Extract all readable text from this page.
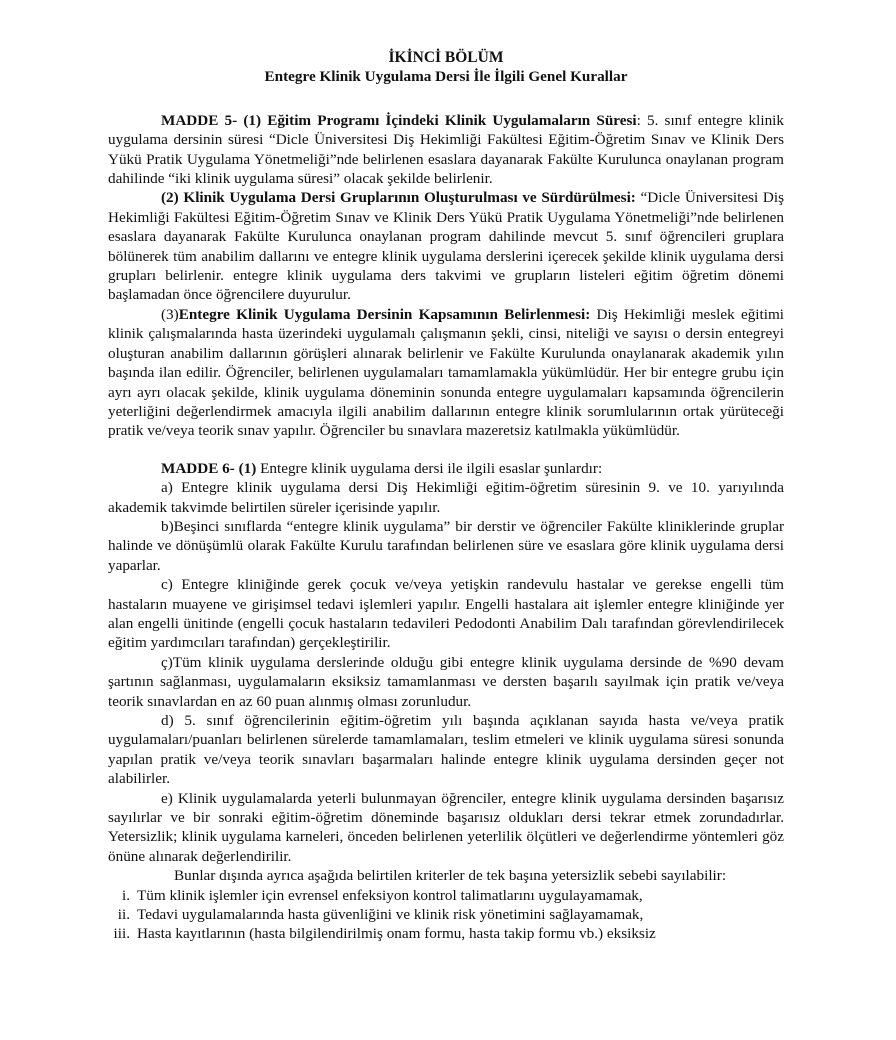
İKİNCİ BÖLÜM
Entegre Klinik Uygulama Dersi İle İlgili Genel Kurallar

MADDE 5- (1) Eğitim Programı İçindeki Klinik Uygulamaların Süresi: 5. sınıf entegre klinik uygulama dersinin süresi “Dicle Üniversitesi Diş Hekimliği Fakültesi Eğitim-Öğretim Sınav ve Klinik Ders Yükü Pratik Uygulama Yönetmeliği”nde belirlenen esaslara dayanarak Fakülte Kurulunca onaylanan program dahilinde “iki klinik uygulama süresi” olacak şekilde belirlenir.

(2) Klinik Uygulama Dersi Gruplarının Oluşturulması ve Sürdürülmesi: “Dicle Üniversitesi Diş Hekimliği Fakültesi Eğitim-Öğretim Sınav ve Klinik Ders Yükü Pratik Uygulama Yönetmeliği”nde belirlenen esaslara dayanarak Fakülte Kurulunca onaylanan program dahilinde mevcut 5. sınıf öğrencileri gruplara bölünerek tüm anabilim dallarını ve entegre klinik uygulama derslerini içerecek şekilde klinik uygulama dersi grupları belirlenir. entegre klinik uygulama ders takvimi ve grupların listeleri eğitim öğretim dönemi başlamadan önce öğrencilere duyurulur.

(3)Entegre Klinik Uygulama Dersinin Kapsamının Belirlenmesi: Diş Hekimliği meslek eğitimi klinik çalışmalarında hasta üzerindeki uygulamalı çalışmanın şekli, cinsi, niteliği ve sayısı o dersin entegreyi oluşturan anabilim dallarının görüşleri alınarak belirlenir ve Fakülte Kurulunda onaylanarak akademik yılın başında ilan edilir. Öğrenciler, belirlenen uygulamaları tamamlamakla yükümlüdür. Her bir entegre grubu için ayrı ayrı olacak şekilde, klinik uygulama döneminin sonunda entegre uygulamaları kapsamında öğrencilerin yeterliğini değerlendirmek amacıyla ilgili anabilim dallarının entegre klinik sorumlularının ortak yürüteceği pratik ve/veya teorik sınav yapılır. Öğrenciler bu sınavlara mazeretsiz katılmakla yükümlüdür.

MADDE 6- (1) Entegre klinik uygulama dersi ile ilgili esaslar şunlardır:

a) Entegre klinik uygulama dersi Diş Hekimliği eğitim-öğretim süresinin 9. ve 10. yarıyılında akademik takvimde belirtilen süreler içerisinde yapılır.

b)Beşinci sınıflarda “entegre klinik uygulama” bir derstir ve öğrenciler Fakülte kliniklerinde gruplar halinde ve dönüşümlü olarak Fakülte Kurulu tarafından belirlenen süre ve esaslara göre klinik uygulama dersi yaparlar.

c) Entegre kliniğinde gerek çocuk ve/veya yetişkin randevulu hastalar ve gerekse engelli tüm hastaların muayene ve girişimsel tedavi işlemleri yapılır. Engelli hastalara ait işlemler entegre kliniğinde yer alan engelli ünitinde (engelli çocuk hastaların tedavileri Pedodonti Anabilim Dalı tarafından görevlendirilecek eğitim yardımcıları tarafından) gerçekleştirilir.

ç)Tüm klinik uygulama derslerinde olduğu gibi entegre klinik uygulama dersinde de %90 devam şartının sağlanması, uygulamaların eksiksiz tamamlanması ve dersten başarılı sayılmak için pratik ve/veya teorik sınavlardan en az 60 puan alınmış olması zorunludur.

d) 5. sınıf öğrencilerinin eğitim-öğretim yılı başında açıklanan sayıda hasta ve/veya pratik uygulamaları/puanları belirlenen sürelerde tamamlamaları, teslim etmeleri ve klinik uygulama süresi sonunda yapılan pratik ve/veya teorik sınavları başarmaları halinde entegre klinik uygulama dersinden geçer not alabilirler.

e) Klinik uygulamalarda yeterli bulunmayan öğrenciler, entegre klinik uygulama dersinden başarısız sayılırlar ve bir sonraki eğitim-öğretim döneminde başarısız oldukları dersi tekrar etmek zorundadırlar. Yetersizlik; klinik uygulama karneleri, önceden belirlenen yeterlilik ölçütleri ve değerlendirme yöntemleri göz önüne alınarak değerlendirilir.

Bunlar dışında ayrıca aşağıda belirtilen kriterler de tek başına yetersizlik sebebi sayılabilir:

i. Tüm klinik işlemler için evrensel enfeksiyon kontrol talimatlarını uygulayamamak,
ii. Tedavi uygulamalarında hasta güvenliğini ve klinik risk yönetimini sağlayamamak,
iii. Hasta kayıtlarının (hasta bilgilendirilmiş onam formu, hasta takip formu vb.) eksiksiz
